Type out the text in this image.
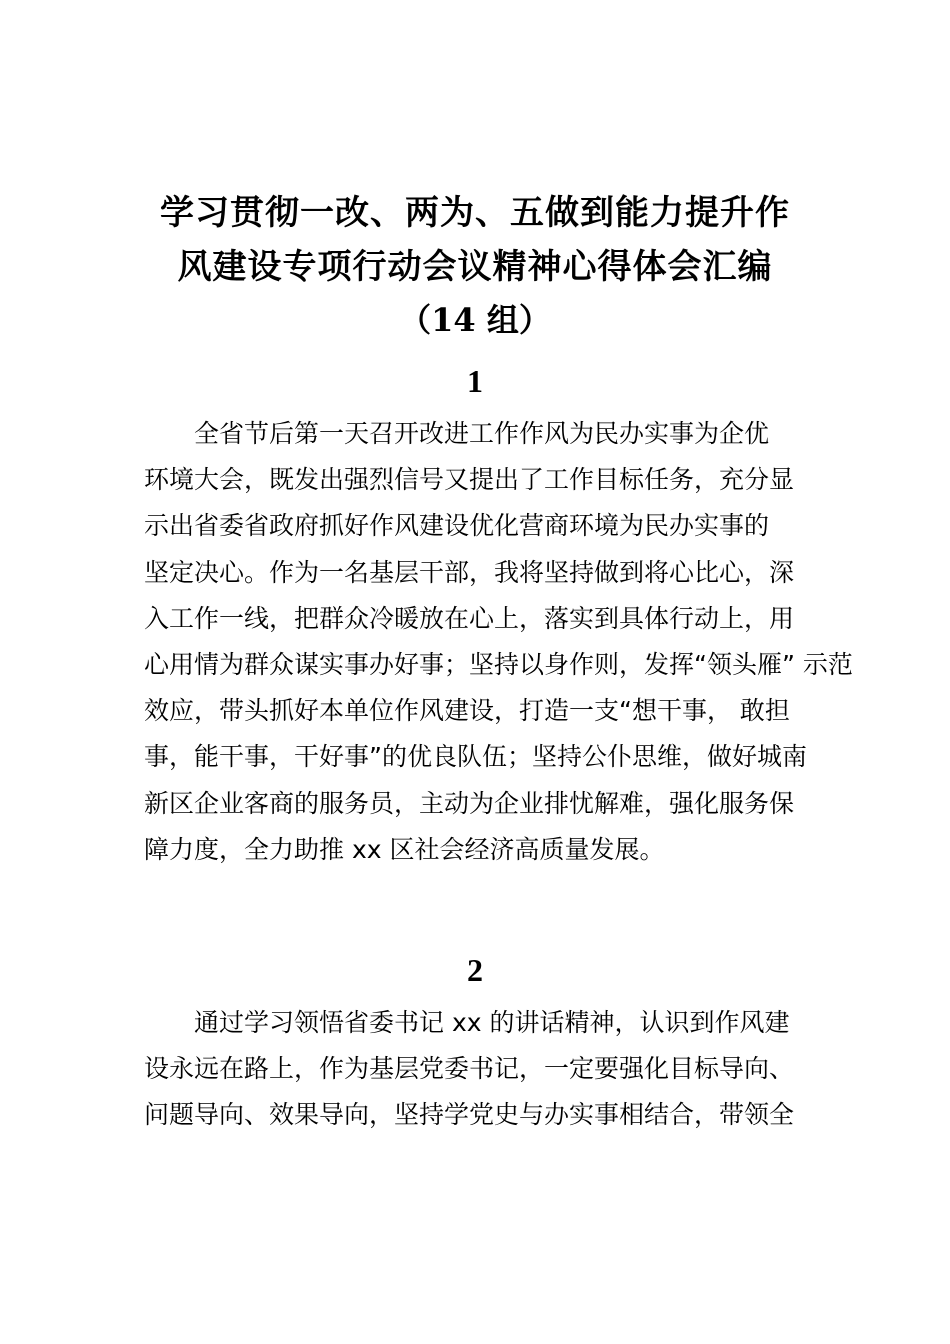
学习贯彻一改、两为、五做到能力提升作
风建设专项行动会议精神心得体会汇编
（14 组）
1
全省节后第一天召开改进工作作风为民办实事为企优
环境大会，既发出强烈信号又提出了工作目标任务，充分显
示出省委省政府抓好作风建设优化营商环境为民办实事的
坚定决心。作为一名基层干部，我将坚持做到将心比心，深
入工作一线，把群众冷暖放在心上，落实到具体行动上，用
心用情为群众谋实事办好事；坚持以身作则，发挥“领头雁” 示范
效应，带头抓好本单位作风建设，打造一支“想干事， 敢担
事，能干事，干好事”的优良队伍；坚持公仆思维，做好城南
新区企业客商的服务员，主动为企业排忧解难，强化服务保
障力度，全力助推 xx 区社会经济高质量发展。
2
通过学习领悟省委书记 xx 的讲话精神，认识到作风建
设永远在路上，作为基层党委书记，一定要强化目标导向、
问题导向、效果导向，坚持学党史与办实事相结合，带领全
